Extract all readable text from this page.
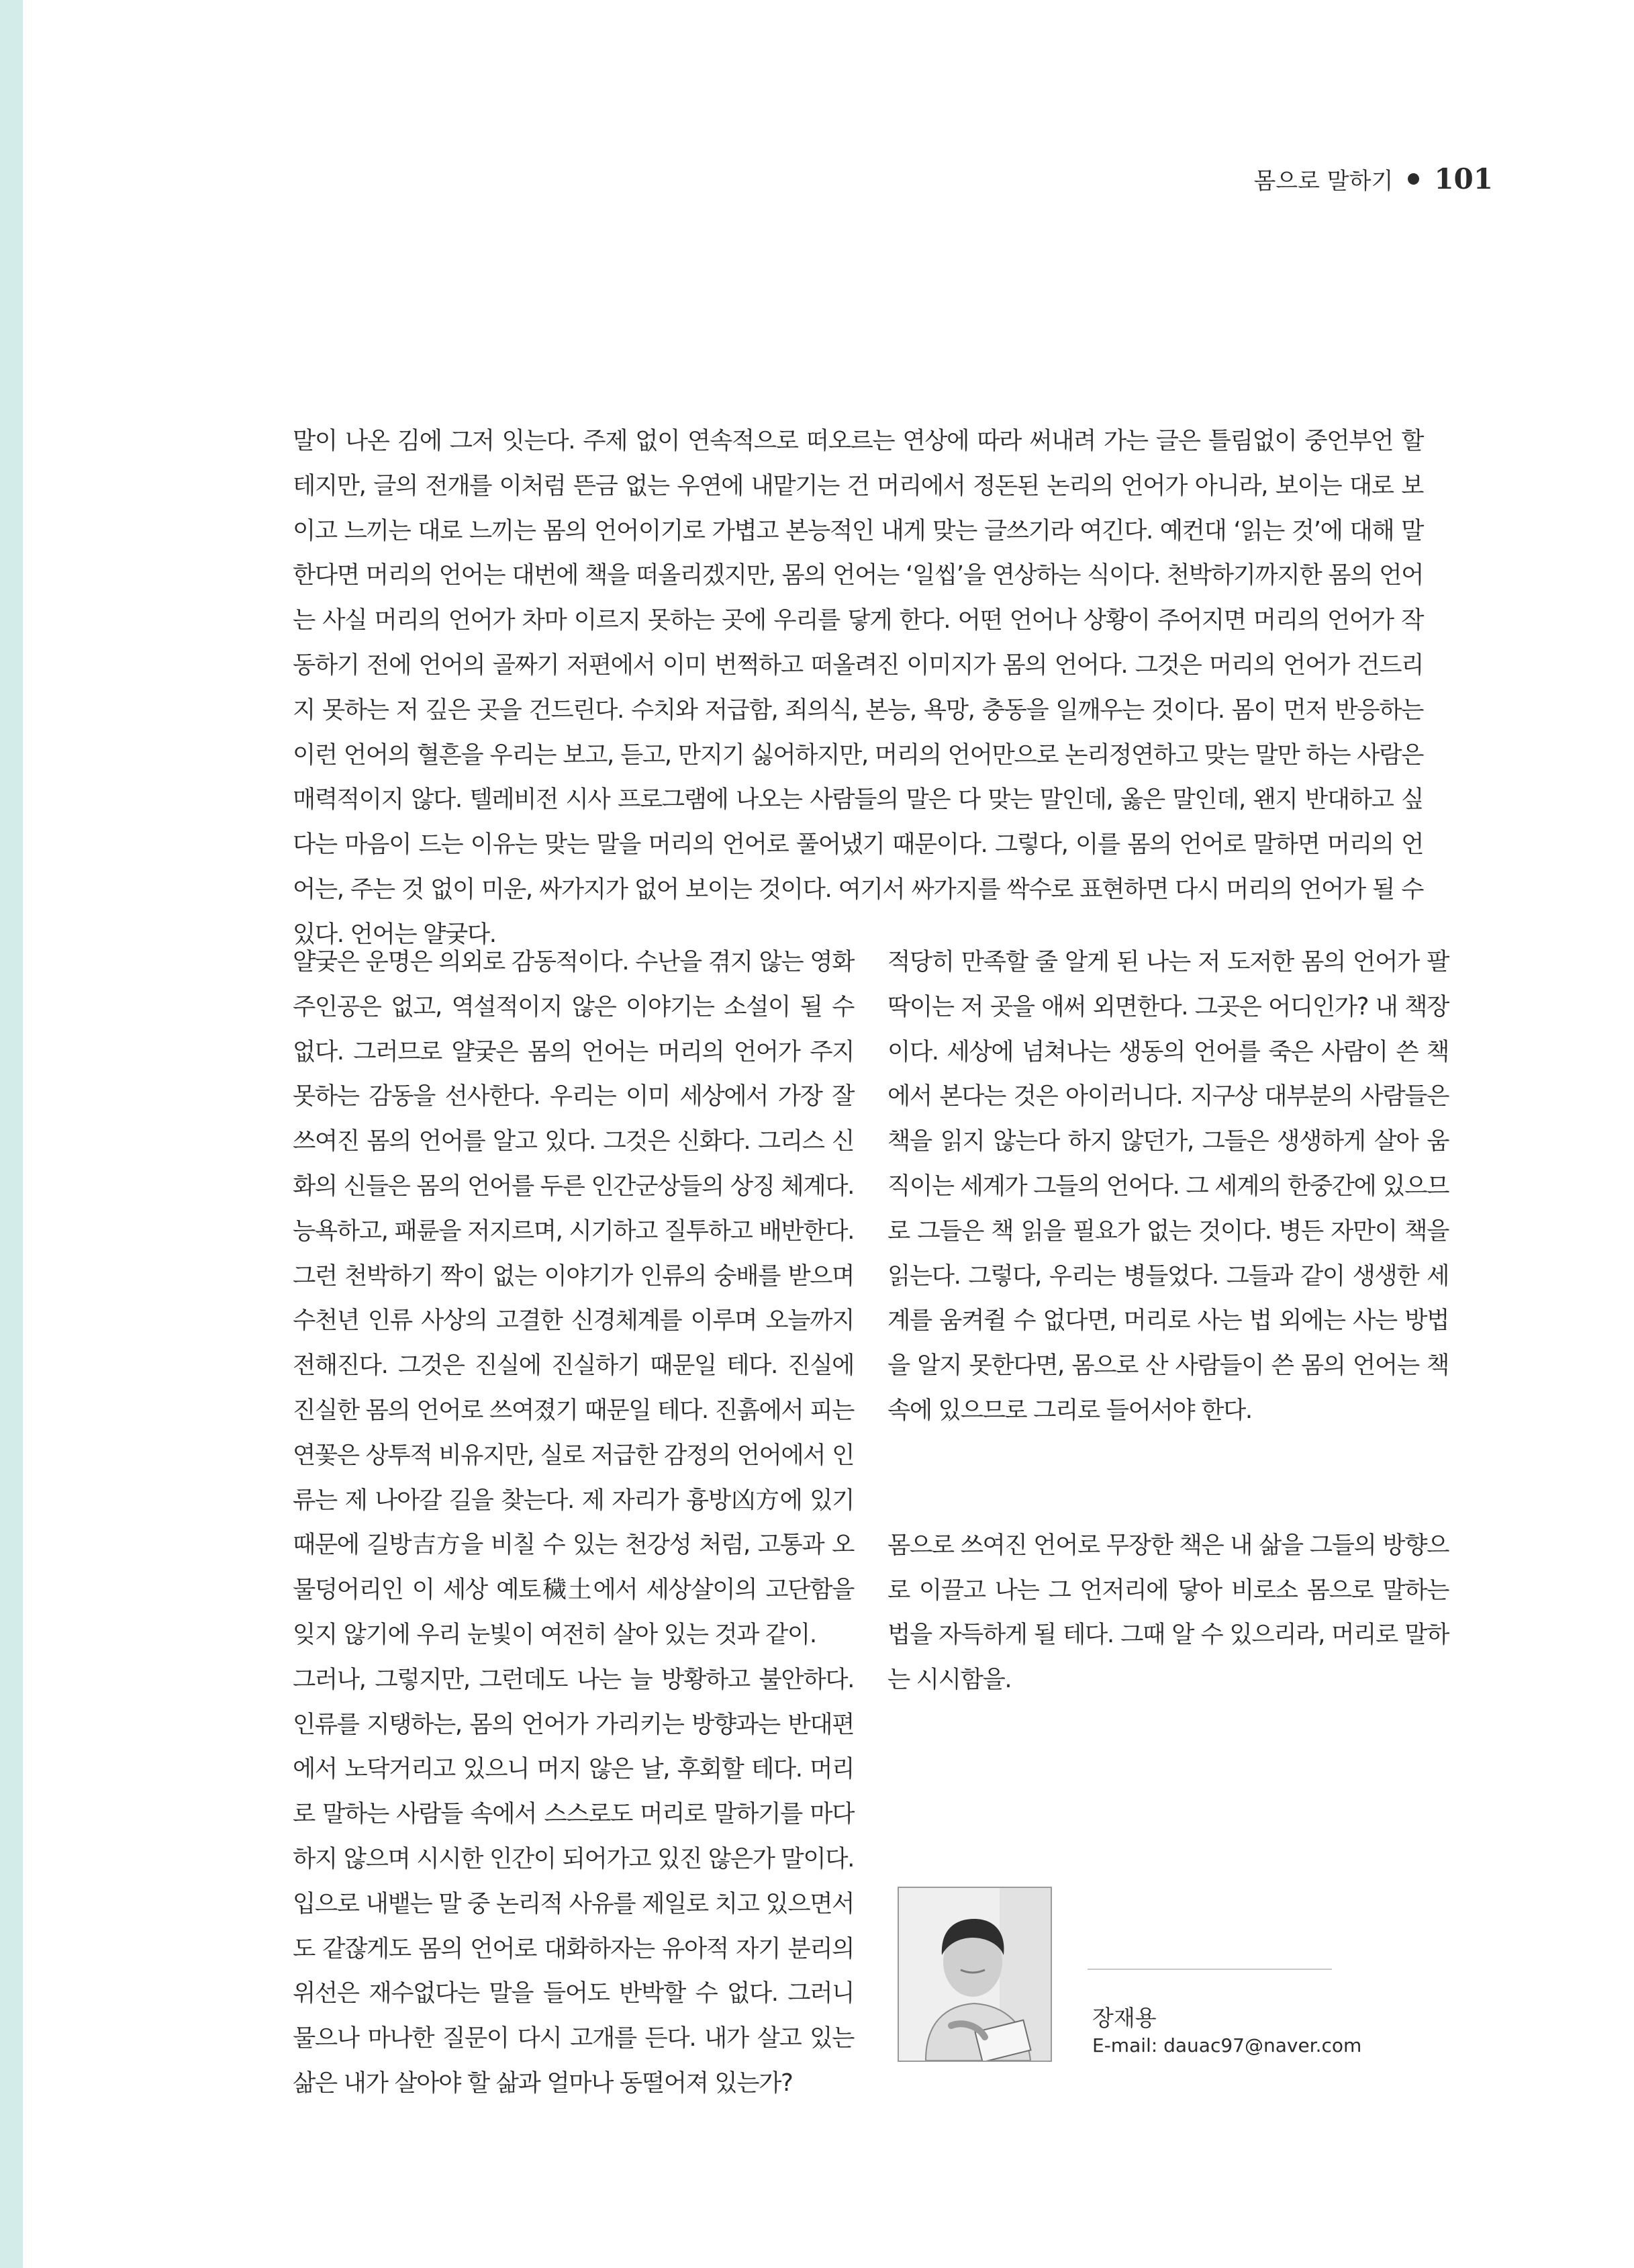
몸으로 말하기 101

말이 나온 김에 그저 잇는다. 주제 없이 연속적으로 떠오르는 연상에 따라 써내려 가는 글은 틀림없이 중언부언 할 테지만, 글의 전개를 이처럼 뜬금 없는 우연에 내맡기는 건 머리에서 정돈된 논리의 언어가 아니라, 보이는 대로 보이고 느끼는 대로 느끼는 몸의 언어이기로 가볍고 본능적인 내게 맞는 글쓰기라 여긴다. 예컨대 ‘읽는 것’에 대해 말한다면 머리의 언어는 대번에 책을 떠올리겠지만, 몸의 언어는 ‘일씹’을 연상하는 식이다. 천박하기까지한 몸의 언어는 사실 머리의 언어가 차마 이르지 못하는 곳에 우리를 닿게 한다. 어떤 언어나 상황이 주어지면 머리의 언어가 작동하기 전에 언어의 골짜기 저편에서 이미 번쩍하고 떠올려진 이미지가 몸의 언어다. 그것은 머리의 언어가 건드리지 못하는 저 깊은 곳을 건드린다. 수치와 저급함, 죄의식, 본능, 욕망, 충동을 일깨우는 것이다. 몸이 먼저 반응하는 이런 언어의 혈흔을 우리는 보고, 듣고, 만지기 싫어하지만, 머리의 언어만으로 논리정연하고 맞는 말만 하는 사람은 매력적이지 않다. 텔레비전 시사 프로그램에 나오는 사람들의 말은 다 맞는 말인데, 옳은 말인데, 왠지 반대하고 싶다는 마음이 드는 이유는 맞는 말을 머리의 언어로 풀어냈기 때문이다. 그렇다, 이를 몸의 언어로 말하면 머리의 언어는, 주는 것 없이 미운, 싸가지가 없어 보이는 것이다. 여기서 싸가지를 싹수로 표현하면 다시 머리의 언어가 될 수 있다. 언어는 얄궂다.

얄궂은 운명은 의외로 감동적이다. 수난을 겪지 않는 영화 주인공은 없고, 역설적이지 않은 이야기는 소설이 될 수 없다. 그러므로 얄궂은 몸의 언어는 머리의 언어가 주지 못하는 감동을 선사한다. 우리는 이미 세상에서 가장 잘 쓰여진 몸의 언어를 알고 있다. 그것은 신화다. 그리스 신화의 신들은 몸의 언어를 두른 인간군상들의 상징 체계다. 능욕하고, 패륜을 저지르며, 시기하고 질투하고 배반한다. 그런 천박하기 짝이 없는 이야기가 인류의 숭배를 받으며 수천년 인류 사상의 고결한 신경체계를 이루며 오늘까지 전해진다. 그것은 진실에 진실하기 때문일 테다. 진실에 진실한 몸의 언어로 쓰여졌기 때문일 테다. 진흙에서 피는 연꽃은 상투적 비유지만, 실로 저급한 감정의 언어에서 인류는 제 나아갈 길을 찾는다. 제 자리가 흉방凶方에 있기 때문에 길방吉方을 비칠 수 있는 천강성 처럼, 고통과 오물덩어리인 이 세상 예토穢土에서 세상살이의 고단함을 잊지 않기에 우리 눈빛이 여전히 살아 있는 것과 같이.

그러나, 그렇지만, 그런데도 나는 늘 방황하고 불안하다. 인류를 지탱하는, 몸의 언어가 가리키는 방향과는 반대편에서 노닥거리고 있으니 머지 않은 날, 후회할 테다. 머리로 말하는 사람들 속에서 스스로도 머리로 말하기를 마다하지 않으며 시시한 인간이 되어가고 있진 않은가 말이다. 입으로 내뱉는 말 중 논리적 사유를 제일로 치고 있으면서도 같잖게도 몸의 언어로 대화하자는 유아적 자기 분리의 위선은 재수없다는 말을 들어도 반박할 수 없다. 그러니 물으나 마나한 질문이 다시 고개를 든다. 내가 살고 있는 삶은 내가 살아야 할 삶과 얼마나 동떨어져 있는가?

적당히 만족할 줄 알게 된 나는 저 도저한 몸의 언어가 팔딱이는 저 곳을 애써 외면한다. 그곳은 어디인가? 내 책장이다. 세상에 넘쳐나는 생동의 언어를 죽은 사람이 쓴 책에서 본다는 것은 아이러니다. 지구상 대부분의 사람들은 책을 읽지 않는다 하지 않던가, 그들은 생생하게 살아 움직이는 세계가 그들의 언어다. 그 세계의 한중간에 있으므로 그들은 책 읽을 필요가 없는 것이다. 병든 자만이 책을 읽는다. 그렇다, 우리는 병들었다. 그들과 같이 생생한 세계를 움켜쥘 수 없다면, 머리로 사는 법 외에는 사는 방법을 알지 못한다면, 몸으로 산 사람들이 쓴 몸의 언어는 책 속에 있으므로 그리로 들어서야 한다.

몸으로 쓰여진 언어로 무장한 책은 내 삶을 그들의 방향으로 이끌고 나는 그 언저리에 닿아 비로소 몸으로 말하는 법을 자득하게 될 테다. 그때 알 수 있으리라, 머리로 말하는 시시함을.

장재용
E-mail: dauac97@naver.com
